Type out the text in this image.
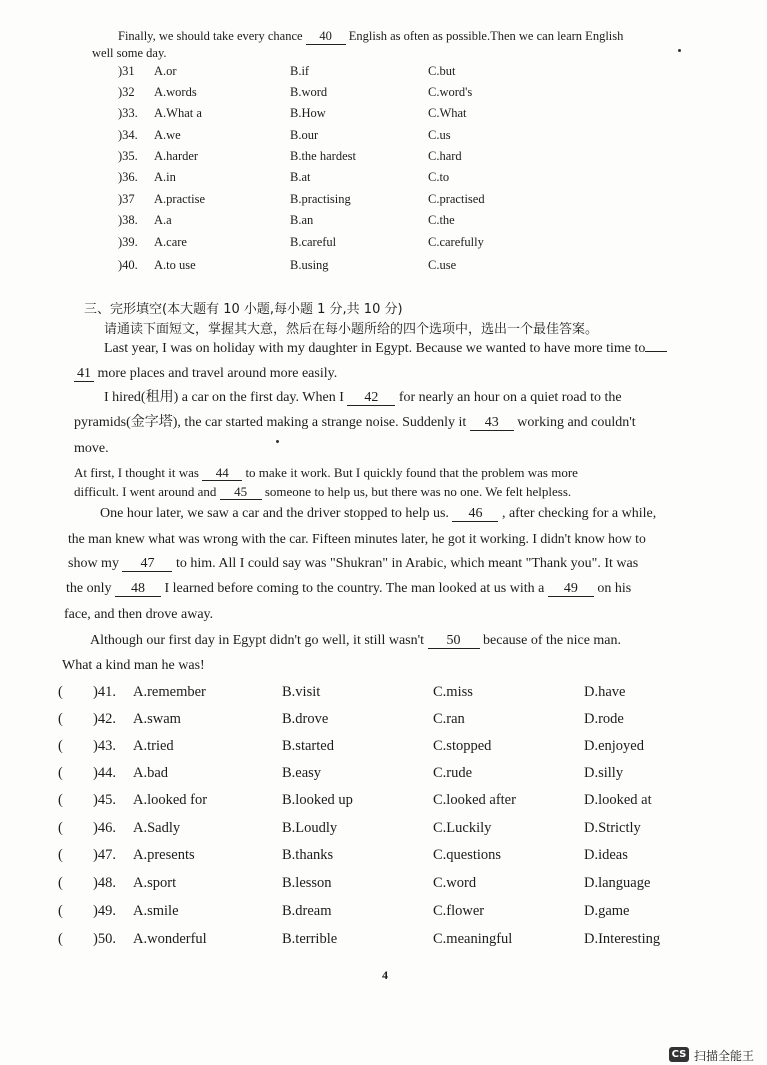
Finally, we should take every chance 40 English as often as possible.Then we can learn English
well some day.
)31 A.or	B.if	C.but
)32 A.words	B.word	C.word's
)33. A.What a	B.How	C.What
)34. A.we	B.our	C.us
)35. A.harder	B.the hardest	C.hard
)36. A.in	B.at	C.to
)37 A.practise	B.practising	C.practised
)38. A.a	B.an	C.the
)39. A.care	B.careful	C.carefully
)40. A.to use	B.using	C.use
三、完形填空(本大题有 10 小题,每小题 1 分,共 10 分)
请通读下面短文，掌握其大意，然后在每小题所给的四个选项中，选出一个最佳答案。
Last year, I was on holiday with my daughter in Egypt. Because we wanted to have more time to
41 more places and travel around more easily.
I hired(租用) a car on the first day. When I 42 for nearly an hour on a quiet road to the
pyramids(金字塔), the car started making a strange noise. Suddenly it 43 working and couldn't
move.
At first, I thought it was 44 to make it work. But I quickly found that the problem was more
difficult. I went around and 45 someone to help us, but there was no one. We felt helpless.
One hour later, we saw a car and the driver stopped to help us. 46 , after checking for a while,
the man knew what was wrong with the car. Fifteen minutes later, he got it working. I didn't know how to
show my 47 to him. All I could say was "Shukran" in Arabic, which meant "Thank you". It was
the only 48 I learned before coming to the country. The man looked at us with a 49 on his
face, and then drove away.
Although our first day in Egypt didn't go well, it still wasn't 50 because of the nice man.
What a kind man he was!
( )41. A.remember	B.visit	C.miss	D.have
( )42. A.swam	B.drove	C.ran	D.rode
( )43. A.tried	B.started	C.stopped	D.enjoyed
( )44. A.bad	B.easy	C.rude	D.silly
( )45. A.looked for	B.looked up	C.looked after	D.looked at
( )46. A.Sadly	B.Loudly	C.Luckily	D.Strictly
( )47. A.presents	B.thanks	C.questions	D.ideas
( )48. A.sport	B.lesson	C.word	D.language
( )49. A.smile	B.dream	C.flower	D.game
( )50. A.wonderful	B.terrible	C.meaningful	D.Interesting
4
CS 扫描全能王
